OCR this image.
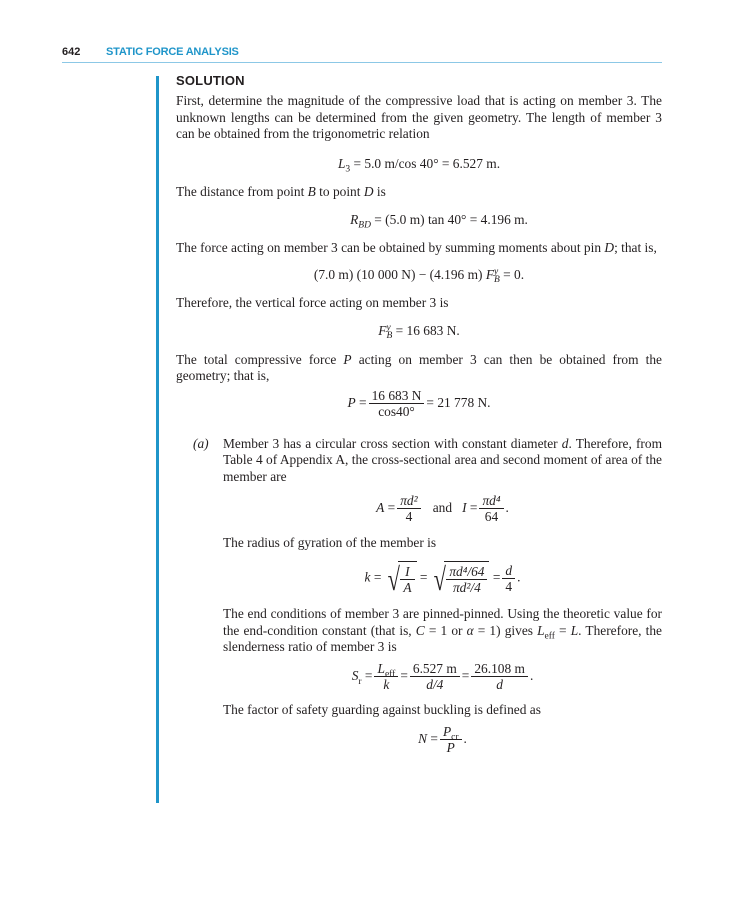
642 STATIC FORCE ANALYSIS
SOLUTION

First, determine the magnitude of the compressive load that is acting on member 3. The unknown lengths can be determined from the given geometry. The length of member 3 can be obtained from the trigonometric relation

$L_3 = 5.0$ m/cos 40° = 6.527 m.

The distance from point B to point D is

$R_{BD} = (5.0$ m) tan 40° = 4.196 m.

The force acting on member 3 can be obtained by summing moments about pin D; that is,

(7.0 m) (10 000 N) − (4.196 m) F y
B = 0.

Therefore, the vertical force acting on member 3 is

F y
B = 16 683 N.

The total compressive force P acting on member 3 can then be obtained from the geometry; that is,

$P = \frac{16 683 N}{\cos 40^\circ} = 21$ 778 N.
(a) Member 3 has a circular cross section with constant diameter d. Therefore, from Table 4 of Appendix A, the cross-sectional area and second moment of area of the member are

$A = \frac{\text{πd²}}{4}$ and $I = \frac{\text{πd⁴}}{64}$ .

The radius of gyration of the member is

k = √ $\frac{I}{A}$ = √ $\frac{\text{πd⁴/64}}{\text{πd²/4}} = \frac{d}{4}$ .

The end conditions of member 3 are pinned-pinned. Using the theoretic value for the end-condition constant (that is, C = 1 or α = 1) gives $L_{eff} = L$. Therefore, the slenderness ratio of member 3 is

$S_r = \frac{L_{eff}}{k} = \frac{6.527 m}{d/4} = \frac{26.108 m}{d}$ .

The factor of safety guarding against buckling is defined as

$N = \frac{P_{cr}}{P}$ .
